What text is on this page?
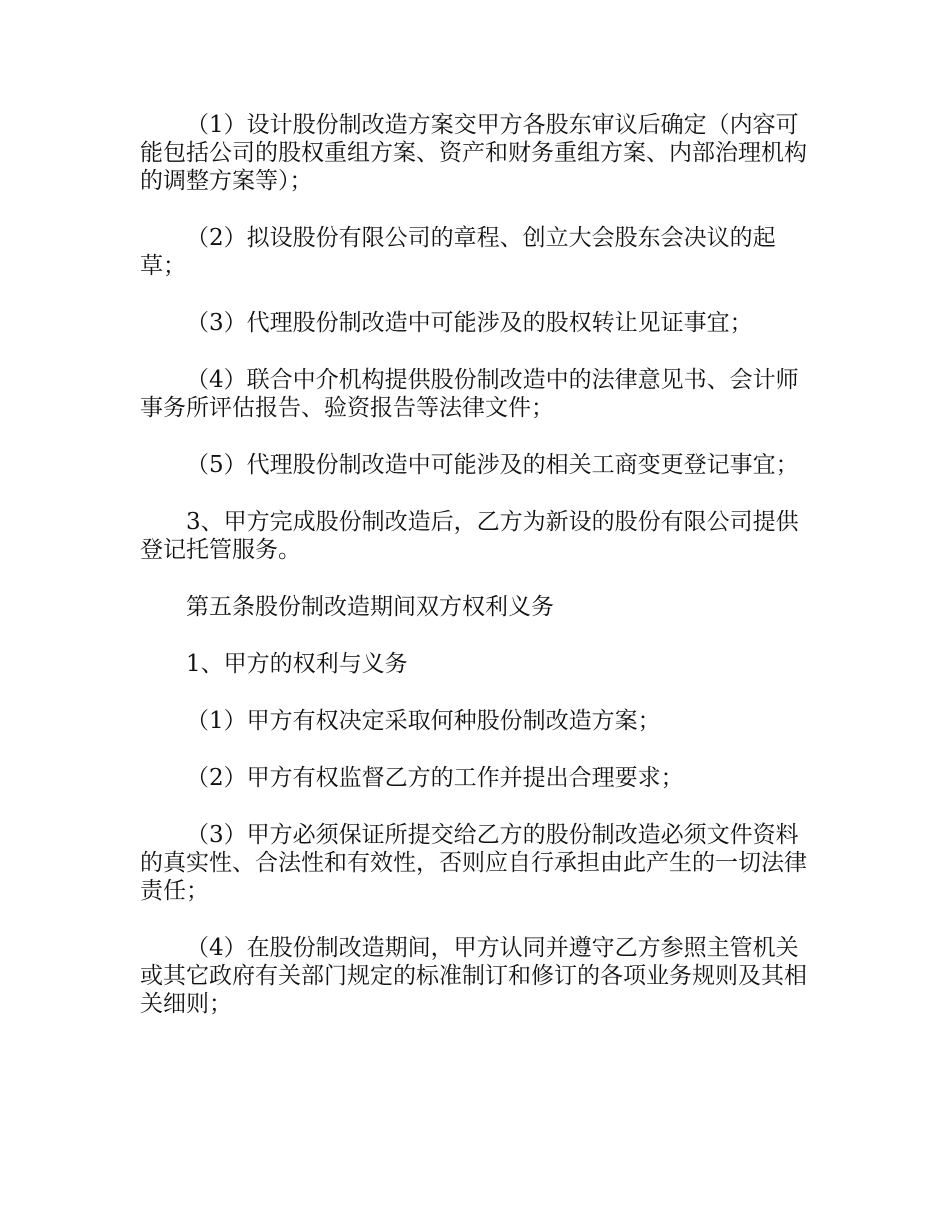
（1）设计股份制改造方案交甲方各股东审议后确定（内容可能包括公司的股权重组方案、资产和财务重组方案、内部治理机构的调整方案等）；

（2）拟设股份有限公司的章程、创立大会股东会决议的起草；

（3）代理股份制改造中可能涉及的股权转让见证事宜；

（4）联合中介机构提供股份制改造中的法律意见书、会计师事务所评估报告、验资报告等法律文件；

（5）代理股份制改造中可能涉及的相关工商变更登记事宜；

3、甲方完成股份制改造后，乙方为新设的股份有限公司提供登记托管服务。

第五条股份制改造期间双方权利义务

1、甲方的权利与义务

（1）甲方有权决定采取何种股份制改造方案；

（2）甲方有权监督乙方的工作并提出合理要求；

（3）甲方必须保证所提交给乙方的股份制改造必须文件资料的真实性、合法性和有效性，否则应自行承担由此产生的一切法律责任；

（4）在股份制改造期间，甲方认同并遵守乙方参照主管机关或其它政府有关部门规定的标准制订和修订的各项业务规则及其相关细则；
